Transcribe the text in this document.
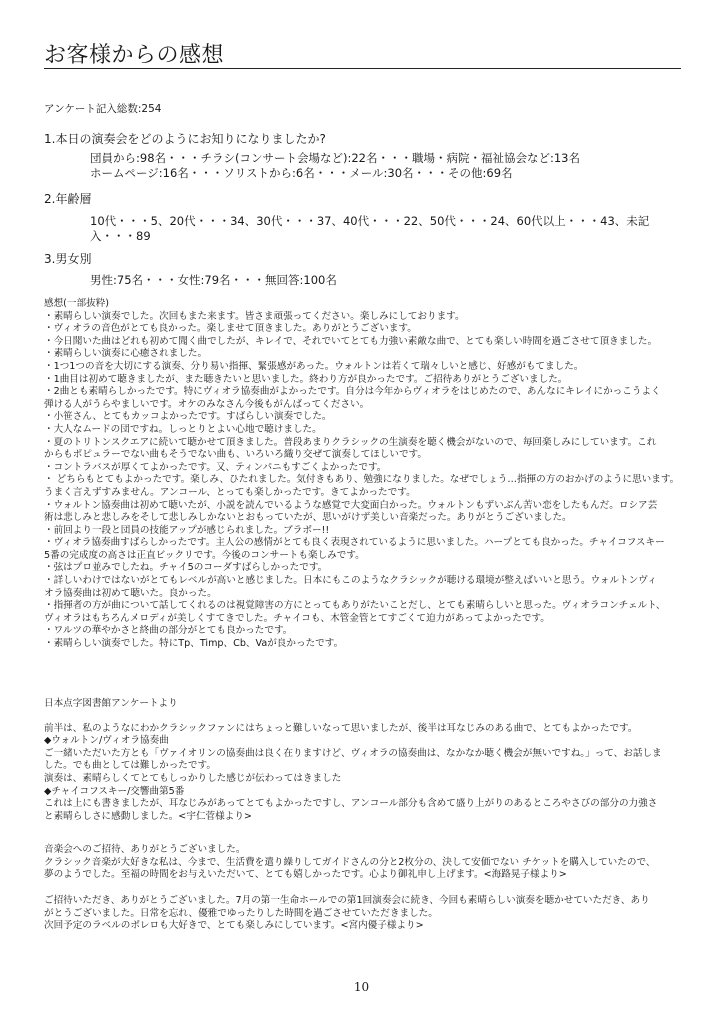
お客様からの感想
アンケート記入総数:254
1.本日の演奏会をどのようにお知りになりましたか?
団員から:98名・・・チラシ(コンサート会場など):22名・・・職場・病院・福祉協会など:13名
ホームページ:16名・・・ソリストから:6名・・・メール:30名・・・その他:69名
2.年齢層
10代・・・5、20代・・・34、30代・・・37、40代・・・22、50代・・・24、60代以上・・・43、未記入・・・89
3.男女別
男性:75名・・・女性:79名・・・無回答:100名
感想(一部抜粋)
・素晴らしい演奏でした。次回もまた来ます。皆さま頑張ってください。楽しみにしております。
・ヴィオラの音色がとても良かった。楽しませて頂きました。ありがとうございます。
・今日聞いた曲はどれも初めて聞く曲でしたが、キレイで、それでいてとても力強い素敵な曲で、とても楽しい時間を過ごさせて頂きました。
・素晴らしい演奏に心癒されました。
・1つ1つの音を大切にする演奏、分り易い指揮、緊張感があった。ウォルトンは若くて瑞々しいと感じ、好感がもてました。
・1曲目は初めて聴きましたが、また聴きたいと思いました。終わり方が良かったです。ご招待ありがとうございました。
・2曲とも素晴らしかったです。特にヴィオラ協奏曲がよかったです。自分は今年からヴィオラをはじめたので、あんなにキレイにかっこうよく
弾ける人がうらやましいです。オケのみなさん今後もがんばってください。
・小笹さん、とてもカッコよかったです。すばらしい演奏でした。
・大人なムードの団ですね。しっとりとよい心地で聴けました。
・夏のトリトンスクエアに続いて聴かせて頂きました。普段あまりクラシックの生演奏を聴く機会がないので、毎回楽しみにしています。これ
からもポピュラーでない曲もそうでない曲も、いろいろ織り交ぜて演奏してほしいです。
・コントラバスが厚くてよかったです。又、ティンパニもすごくよかったです。
・ どちらもとてもよかったです。楽しみ、ひたれました。気付きもあり、勉強になりました。なぜでしょう…指揮の方のおかげのように思います。
うまく言えずすみません。アンコール、とっても楽しかったです。きてよかったです。
・ウォルトン協奏曲は初めて聴いたが、小説を読んでいるような感覚で大変面白かった。ウォルトンもずいぶん苦い恋をしたもんだ。ロシア芸
術は悲しみと悲しみをそして悲しみしかないとおもっていたが、思いがけず美しい音楽だった。ありがとうございました。
・前回より一段と団員の技能アップが感じられました。ブラボー!!
・ヴィオラ協奏曲すばらしかったです。主人公の感情がとても良く表現されているように思いました。ハープとても良かった。チャイコフスキー
5番の完成度の高さは正直ビックリです。今後のコンサートも楽しみです。
・弦はプロ並みでしたね。チャイ5のコーダすばらしかったです。
・詳しいわけではないがとてもレベルが高いと感じました。日本にもこのようなクラシックが聴ける環境が整えばいいと思う。ウォルトンヴィ
オラ協奏曲は初めて聴いた。良かった。
・指揮者の方が曲について話してくれるのは視覚障害の方にとってもありがたいことだし、とても素晴らしいと思った。ヴィオラコンチェルト、
ヴィオラはもちろんメロディが美しくすてきでした。チャイコも、木管金管とてすごくて迫力があってよかったです。
・ワルツの華やかさと終曲の部分がとても良かったです。
・素晴らしい演奏でした。特にTp、Timp、Cb、Vaが良かったです。
日本点字図書館アンケートより
前半は、私のようなにわかクラシックファンにはちょっと難しいなって思いましたが、後半は耳なじみのある曲で、とてもよかったです。
◆ウォルトン/ヴィオラ協奏曲
ご一緒いただいた方とも「ヴァイオリンの協奏曲は良く在りますけど、ヴィオラの協奏曲は、なかなか聴く機会が無いですね。」って、お話しま
した。でも曲としては難しかったです。
演奏は、素晴らしくてとてもしっかりした感じが伝わってはきました
◆チャイコフスキー/交響曲第5番
これは上にも書きましたが、耳なじみがあってとてもよかったですし、アンコール部分も含めて盛り上がりのあるところやさびの部分の力強さ
と素晴らしさに感動しました。<宇仁菅様より>
音楽会へのご招待、ありがとうございました。
クラシック音楽が大好きな私は、今まで、生活費を遣り繰りしてガイドさんの分と2枚分の、決して安価でない チケットを購入していたので、
夢のようでした。至福の時間をお与えいただいて、とても嬉しかったです。心より御礼申し上げます。<海路晃子様より>
ご招待いただき、ありがとうございました。7月の第一生命ホールでの第1回演奏会に続き、今回も素晴らしい演奏を聴かせていただき、あり
がとうございました。日常を忘れ、優雅でゆったりした時間を過ごさせていただきました。
次回予定のラベルのボレロも大好きで、とても楽しみにしています。<宮内優子様より>
10
